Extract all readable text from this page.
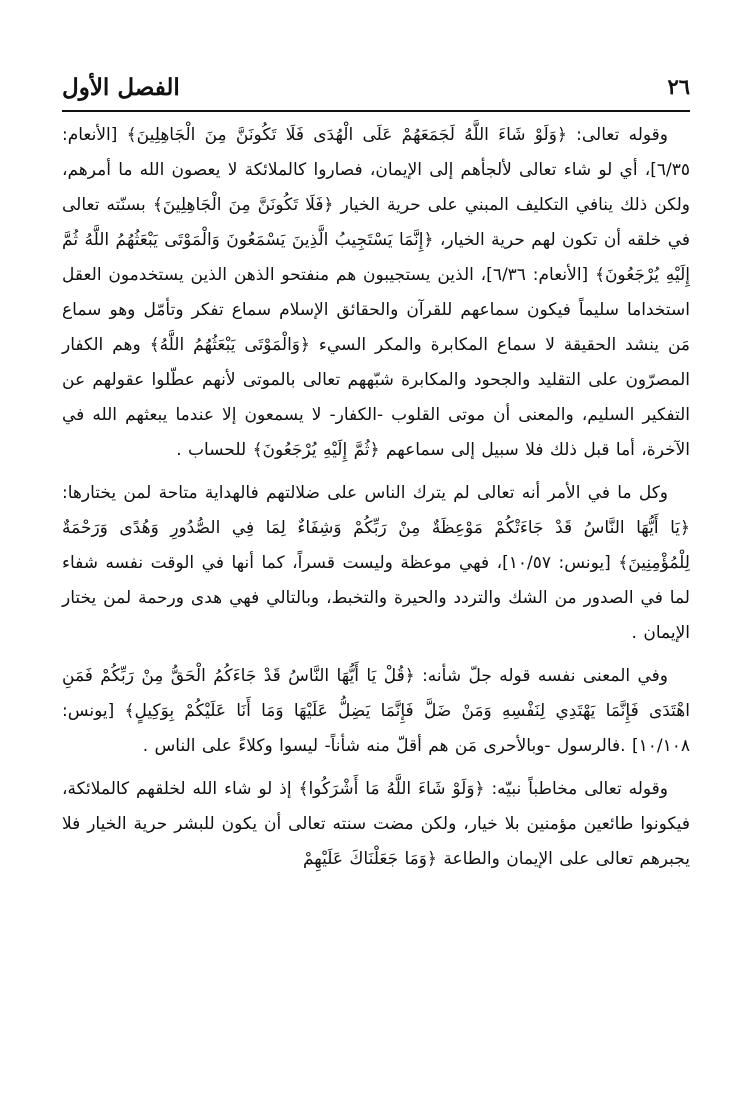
الفصل الأول	٢٦

وقوله تعالى: ﴿وَلَوْ شَاءَ اللَّهُ لَجَمَعَهُمْ عَلَى الْهُدَى فَلَا تَكُونَنَّ مِنَ الْجَاهِلِينَ﴾ [الأنعام: ٦/٣٥]، أي لو شاء تعالى لألجأهم إلى الإيمان، فصاروا كالملائكة لا يعصون الله ما أمرهم، ولكن ذلك ينافي التكليف المبني على حرية الخيار ﴿فَلَا تَكُونَنَّ مِنَ الْجَاهِلِينَ﴾ بسنّته تعالى في خلقه أن تكون لهم حرية الخيار، ﴿إِنَّمَا يَسْتَجِيبُ الَّذِينَ يَسْمَعُونَ وَالْمَوْتَى يَبْعَثُهُمُ اللَّهُ ثُمَّ إِلَيْهِ يُرْجَعُونَ﴾ [الأنعام: ٦/٣٦]، الذين يستجيبون هم منفتحو الذهن الذين يستخدمون العقل استخداما سليماً فيكون سماعهم للقرآن والحقائق الإسلام سماع تفكر وتأمّل وهو سماع مَن ينشد الحقيقة لا سماع المكابرة والمكر السيء ﴿وَالْمَوْتَى يَبْعَثُهُمُ اللَّهُ﴾ وهم الكفار المصرّون على التقليد والجحود والمكابرة شبّههم تعالى بالموتى لأنهم عطّلوا عقولهم عن التفكير السليم، والمعنى أن موتى القلوب -الكفار- لا يسمعون إلا عندما يبعثهم الله في الآخرة، أما قبل ذلك فلا سبيل إلى سماعهم ﴿ثُمَّ إِلَيْهِ يُرْجَعُونَ﴾ للحساب .

وكل ما في الأمر أنه تعالى لم يترك الناس على ضلالتهم فالهداية متاحة لمن يختارها: ﴿يَا أَيُّهَا النَّاسُ قَدْ جَاءَتْكُمْ مَوْعِظَةٌ مِنْ رَبِّكُمْ وَشِفَاءٌ لِمَا فِي الصُّدُورِ وَهُدًى وَرَحْمَةٌ لِلْمُؤْمِنِينَ﴾ [يونس: ١٠/٥٧]، فهي موعظة وليست قسراً، كما أنها في الوقت نفسه شفاء لما في الصدور من الشك والتردد والحيرة والتخبط، وبالتالي فهي هدى ورحمة لمن يختار الإيمان .

وفي المعنى نفسه قوله جلّ شأنه: ﴿قُلْ يَا أَيُّهَا النَّاسُ قَدْ جَاءَكُمُ الْحَقُّ مِنْ رَبِّكُمْ فَمَنِ اهْتَدَى فَإِنَّمَا يَهْتَدِي لِنَفْسِهِ وَمَنْ ضَلَّ فَإِنَّمَا يَضِلُّ عَلَيْهَا وَمَا أَنَا عَلَيْكُمْ بِوَكِيلٍ﴾ [يونس: ١٠/١٠٨] .فالرسول -وبالأحرى مَن هم أقلّ منه شأناً- ليسوا وكلاءً على الناس .

وقوله تعالى مخاطباً نبيّه: ﴿وَلَوْ شَاءَ اللَّهُ مَا أَشْرَكُوا﴾ إذ لو شاء الله لخلقهم كالملائكة، فيكونوا طائعين مؤمنين بلا خيار، ولكن مضت سنته تعالى أن يكون للبشر حرية الخيار فلا يجبرهم تعالى على الإيمان والطاعة ﴿وَمَا جَعَلْنَاكَ عَلَيْهِمْ
